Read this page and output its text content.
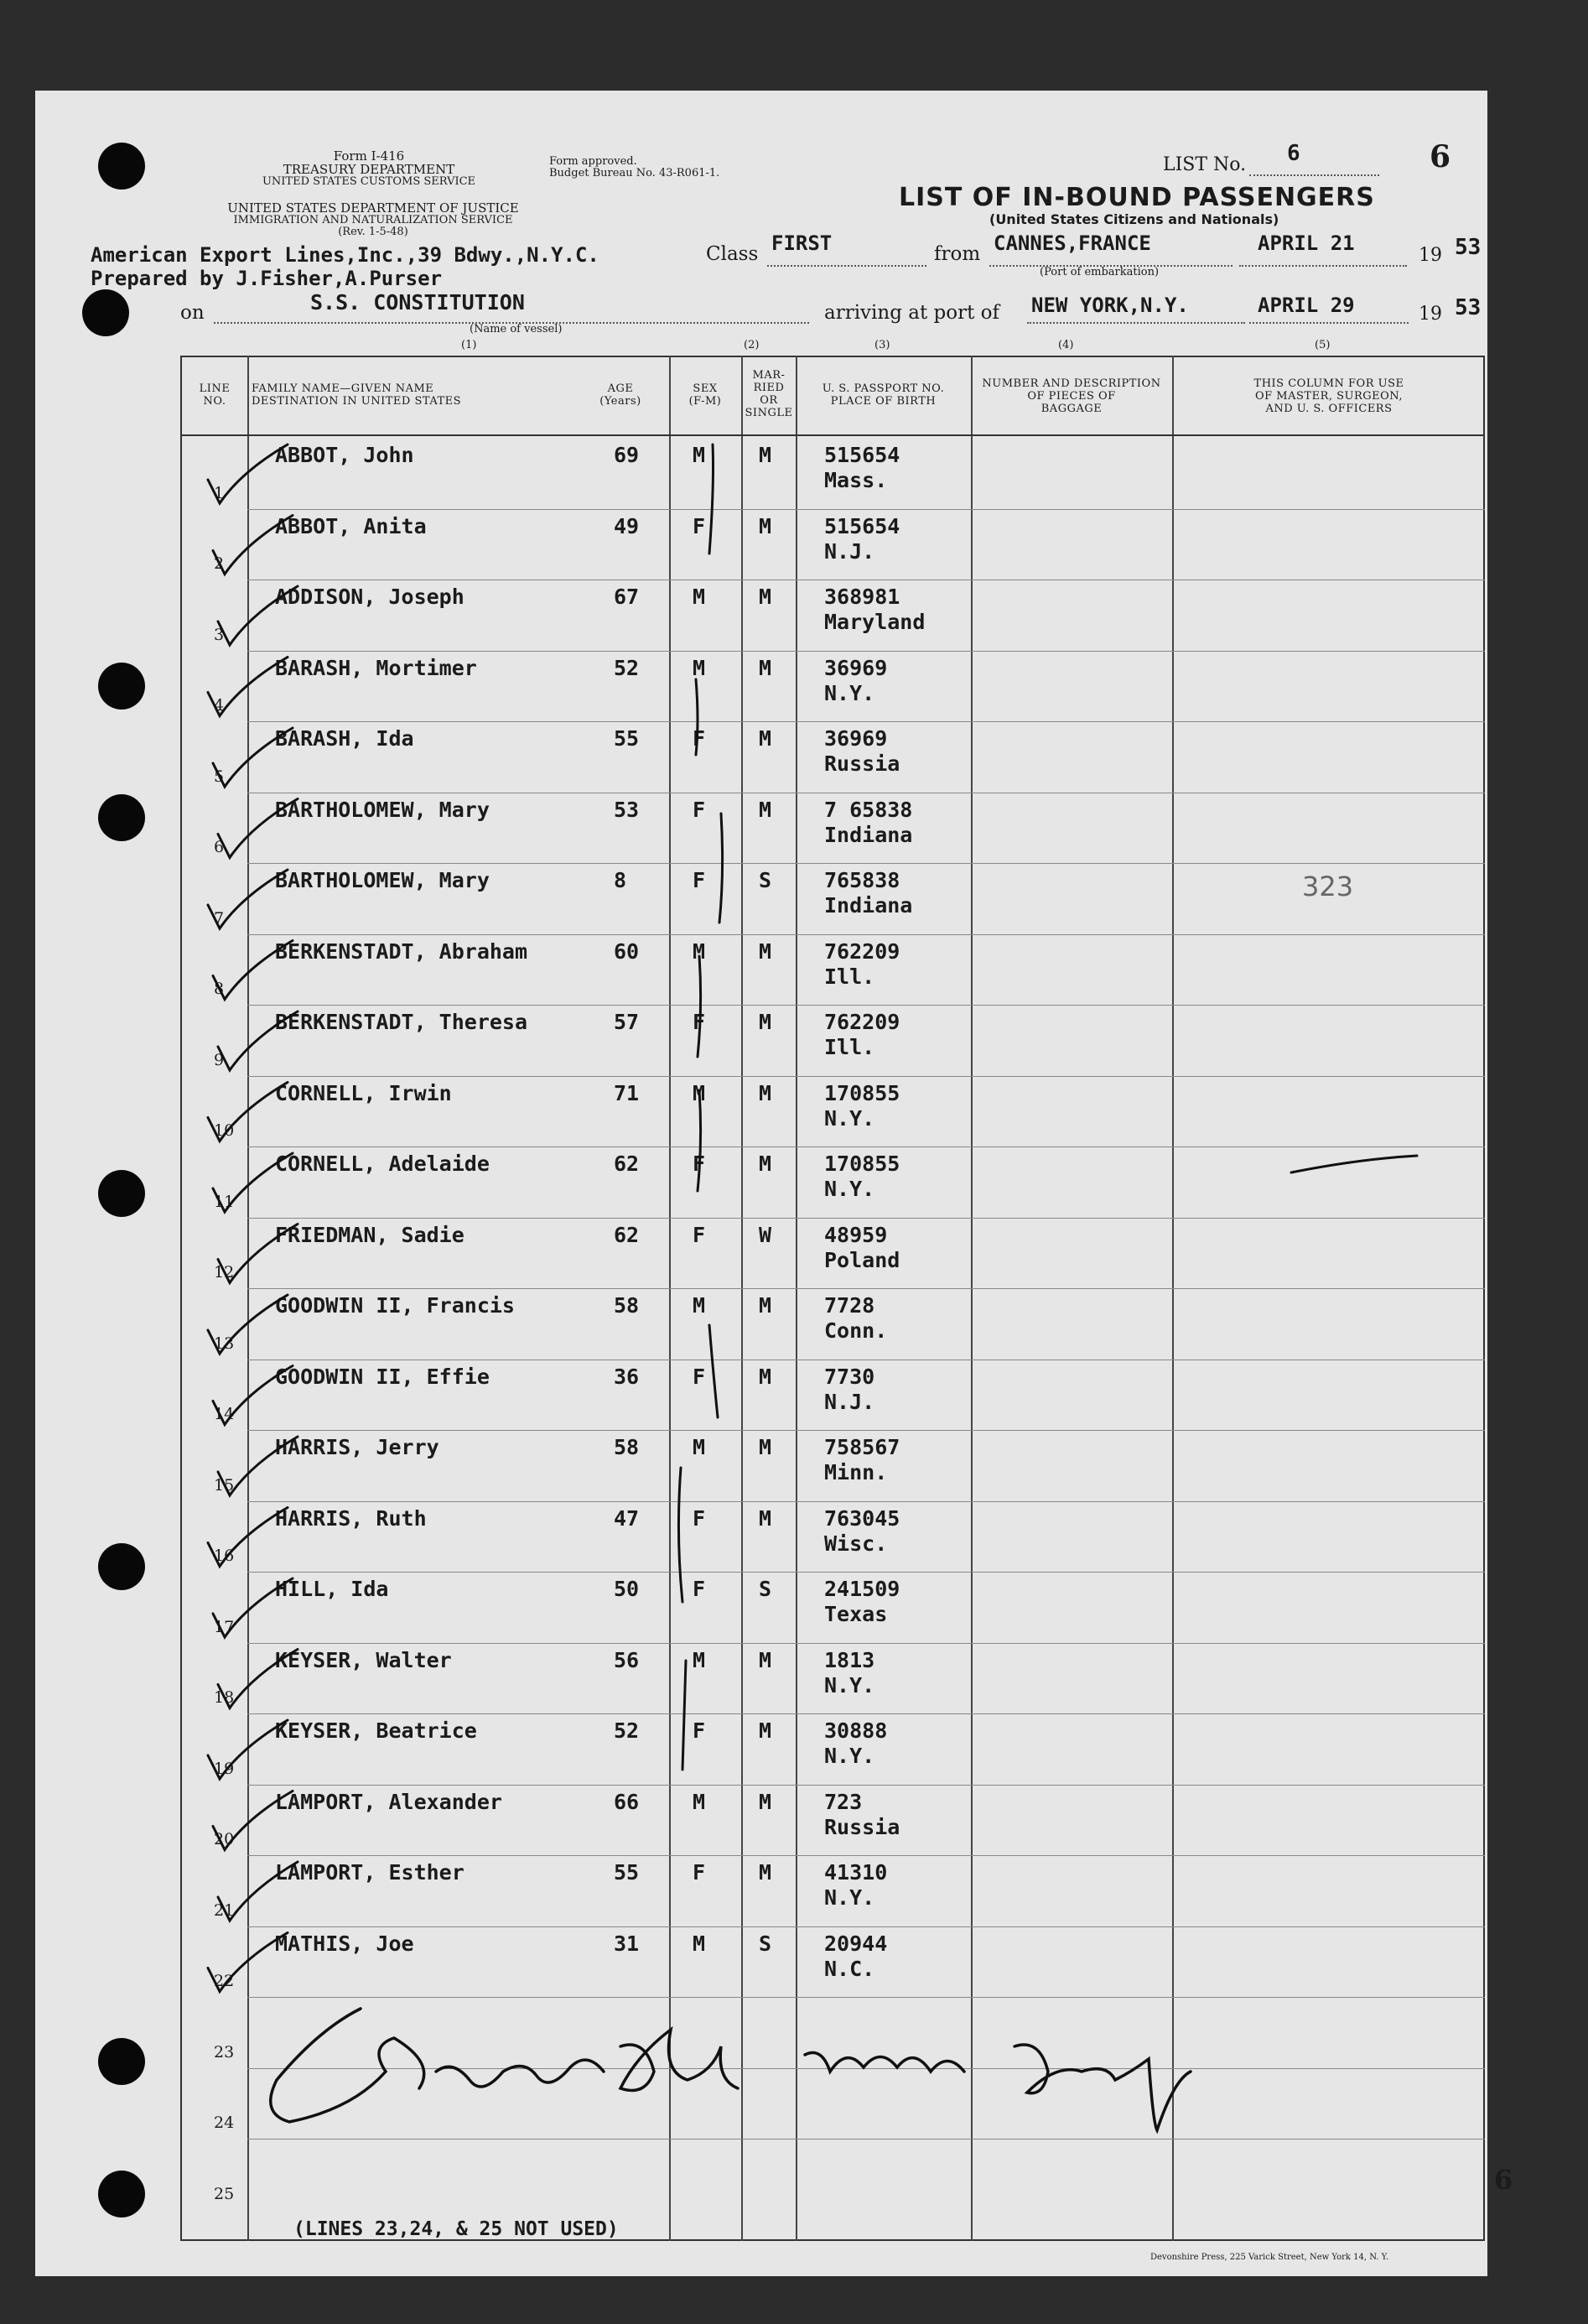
Form I-416
TREASURY DEPARTMENT
UNITED STATES CUSTOMS SERVICE
UNITED STATES DEPARTMENT OF JUSTICE
IMMIGRATION AND NATURALIZATION SERVICE
(Rev. 1-5-48)
Form approved.
Budget Bureau No. 43-R061-1.	LIST No. 6	6
LIST OF IN-BOUND PASSENGERS
(United States Citizens and Nationals)
American Export Lines,Inc.,39 Bdwy.,N.Y.C.
Prepared by J.Fisher,A.Purser
Class FIRST	from CANNES,FRANCE
(Port of embarkation)
APRIL 21
19 53
on	S.S. CONSTITUTION
(Name of vessel)
arriving at port of NEW YORK,N.Y.	APRIL 29	19 53
(1)	(2)	(3)	(4)	(5)
LINE
NO.
FAMILY NAME—GIVEN NAME
DESTINATION IN UNITED STATES
AGE
(Years)
SEX
(F-M)
MAR-
RIED
OR
SINGLE
U. S. PASSPORT NO.
PLACE OF BIRTH
NUMBER AND DESCRIPTION
OF PIECES OF
BAGGAGE
THIS COLUMN FOR USE
OF MASTER, SURGEON,
AND U. S. OFFICERS
1
ABBOT, John	69	M	M	515654
Mass.
2
ABBOT, Anita	49	F	M	515654
N.J.
3
ADDISON, Joseph	67	M	M	368981
Maryland
4
BARASH, Mortimer	52	M	M	36969
N.Y.
5
BARASH, Ida	55	F	M	36969
Russia
6
BARTHOLOMEW, Mary	53	F	M	7 65838
Indiana
7
BARTHOLOMEW, Mary	8	F	S	765838
Indiana
8
BERKENSTADT, Abraham	60	M	M	762209
Ill.
9
BERKENSTADT, Theresa	57	F	M	762209
Ill.
10
CORNELL, Irwin	71	M	M	170855
N.Y.
11
CORNELL, Adelaide	62	F	M	170855
N.Y.
12
FRIEDMAN, Sadie	62	F	W	48959
Poland
13
GOODWIN II, Francis	58	M	M	7728
Conn.
14
GOODWIN II, Effie	36	F	M	7730
N.J.
15
HARRIS, Jerry	58	M	M	758567
Minn.
16
HARRIS, Ruth	47	F	M	763045
Wisc.
17
HILL, Ida	50	F	S	241509
Texas
18
KEYSER, Walter	56	M	M	1813
N.Y.
19
KEYSER, Beatrice	52	F	M	30888
N.Y.
20
LAMPORT, Alexander	66	M	M	723
Russia
21
LAMPORT, Esther	55	F	M	41310
N.Y.
22
MATHIS, Joe	31	M	S	20944
N.C.
23
24
25
323
(LINES 23,24, & 25 NOT USED)
6
Devonshire Press, 225 Varick Street, New York 14, N. Y.
